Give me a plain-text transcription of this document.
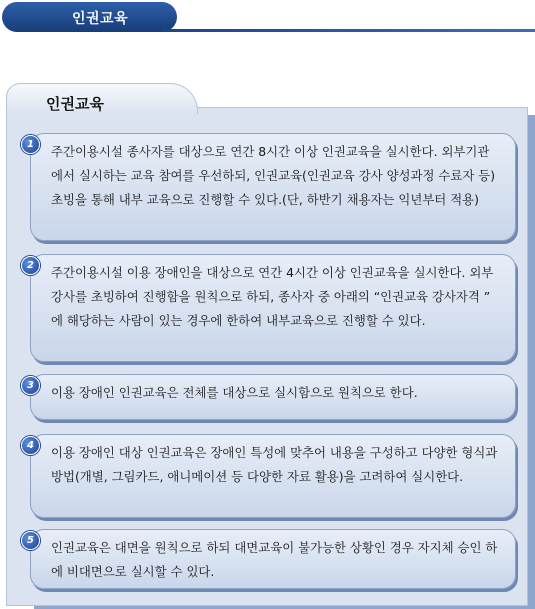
인권교육
인권교육
주간이용시설 종사자를 대상으로 연간 8시간 이상 인권교육을 실시한다. 외부기관에서 실시하는 교육 참여를 우선하되, 인권교육(인권교육 강사 양성과정 수료자 등) 초빙을 통해 내부 교육으로 진행할 수 있다.(단, 하반기 채용자는 익년부터 적용)
1
주간이용시설 이용 장애인을 대상으로 연간 4시간 이상 인권교육을 실시한다. 외부 강사를 초빙하여 진행함을 원칙으로 하되, 종사자 중 아래의 “인권교육 강사자격 ” 에 해당하는 사람이 있는 경우에 한하여 내부교육으로 진행할 수 있다.
2
이용 장애인 인권교육은 전체를 대상으로 실시함으로 원칙으로 한다.
3
이용 장애인 대상 인권교육은 장애인 특성에 맞추어 내용을 구성하고 다양한 형식과 방법(개별, 그림카드, 애니메이션 등 다양한 자료 활용)을 고려하여 실시한다.
4
인권교육은 대면을 원칙으로 하되 대면교육이 불가능한 상황인 경우 자지체 승인 하에 비대면으로 실시할 수 있다.
5
